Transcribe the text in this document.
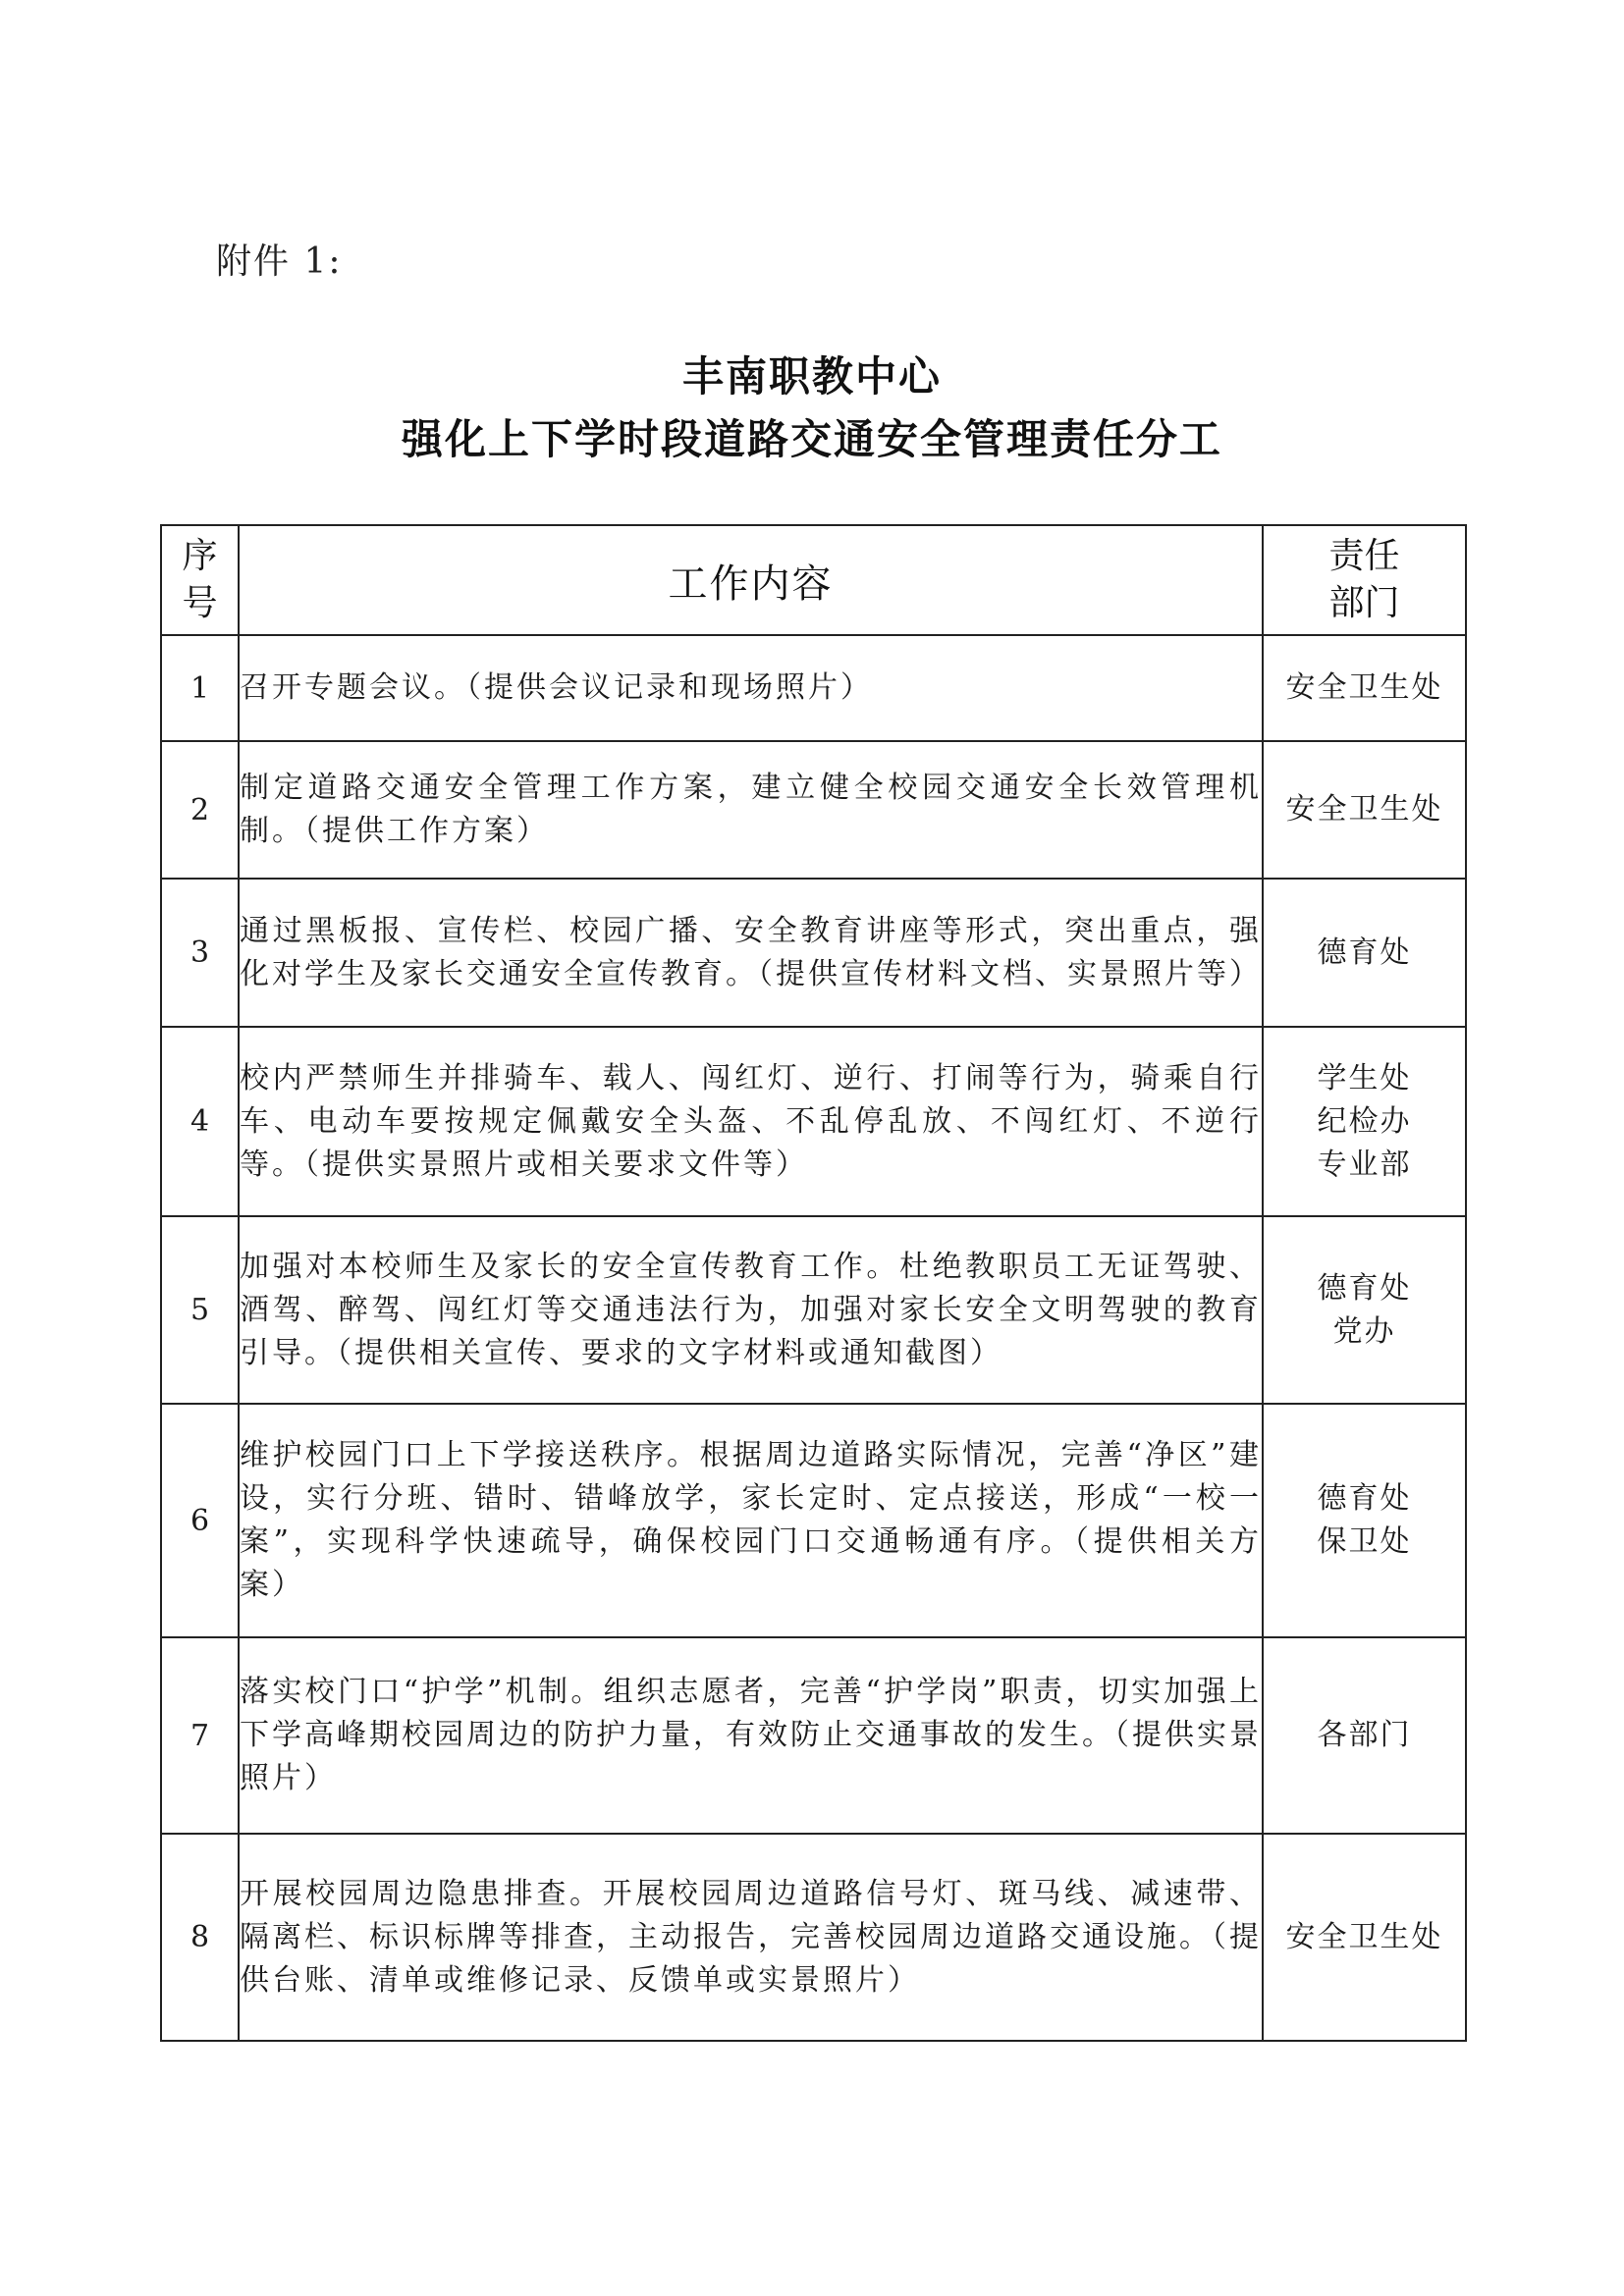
附件 1:
丰南职教中心
强化上下学时段道路交通安全管理责任分工
序
号	工作内容	责任
部门

1	召开专题会议。（提供会议记录和现场照片）	安全卫生处

2	制定道路交通安全管理工作方案，建立健全校园交通安全长效管理机制。（提供工作方案）	安全卫生处

3	通过黑板报、宣传栏、校园广播、安全教育讲座等形式，突出重点，强化对学生及家长交通安全宣传教育。（提供宣传材料文档、实景照片等）	德育处

4	校内严禁师生并排骑车、载人、闯红灯、逆行、打闹等行为，骑乘自行车、电动车要按规定佩戴安全头盔、不乱停乱放、不闯红灯、不逆行等。（提供实景照片或相关要求文件等）	学生处
纪检办
专业部

5	加强对本校师生及家长的安全宣传教育工作。杜绝教职员工无证驾驶、酒驾、醉驾、闯红灯等交通违法行为，加强对家长安全文明驾驶的教育引导。（提供相关宣传、要求的文字材料或通知截图）	德育处
党办

6	维护校园门口上下学接送秩序。根据周边道路实际情况，完善“净区”建设，实行分班、错时、错峰放学，家长定时、定点接送，形成“一校一案”，实现科学快速疏导，确保校园门口交通畅通有序。（提供相关方案）	德育处
保卫处

7	落实校门口“护学”机制。组织志愿者，完善“护学岗”职责，切实加强上下学高峰期校园周边的防护力量，有效防止交通事故的发生。（提供实景照片）	各部门

8	开展校园周边隐患排查。开展校园周边道路信号灯、斑马线、减速带、隔离栏、标识标牌等排查，主动报告，完善校园周边道路交通设施。（提供台账、清单或维修记录、反馈单或实景照片）	安全卫生处
